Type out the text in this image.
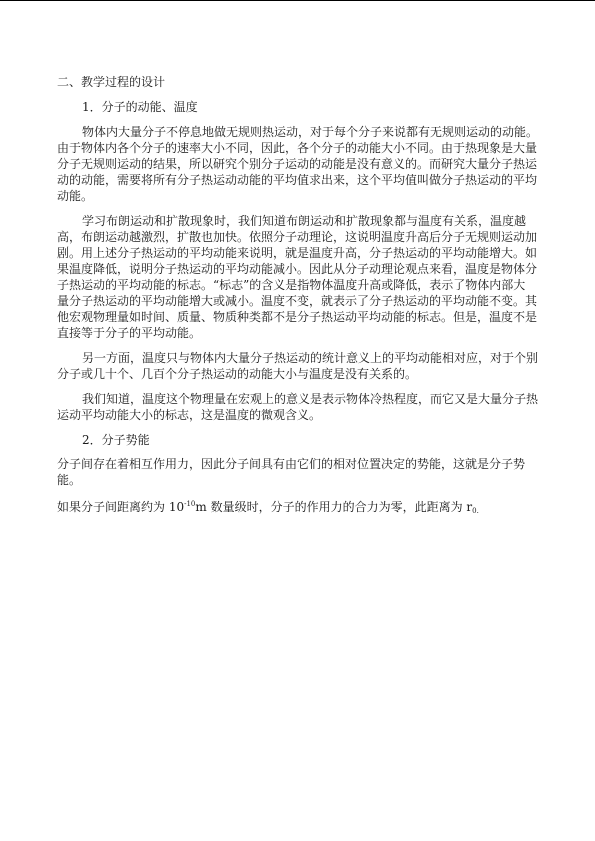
二、教学过程的设计

1．分子的动能、温度

物体内大量分子不停息地做无规则热运动，对于每个分子来说都有无规则运动的动能。

由于物体内各个分子的速率大小不同，因此，各个分子的动能大小不同。由于热现象是大量

分子无规则运动的结果，所以研究个别分子运动的动能是没有意义的。而研究大量分子热运

动的动能，需要将所有分子热运动动能的平均值求出来，这个平均值叫做分子热运动的平均

动能。

学习布朗运动和扩散现象时，我们知道布朗运动和扩散现象都与温度有关系，温度越

高，布朗运动越激烈，扩散也加快。依照分子动理论，这说明温度升高后分子无规则运动加

剧。用上述分子热运动的平均动能来说明，就是温度升高，分子热运动的平均动能增大。如

果温度降低，说明分子热运动的平均动能减小。因此从分子动理论观点来看，温度是物体分

子热运动的平均动能的标志。“标志”的含义是指物体温度升高或降低，表示了物体内部大

量分子热运动的平均动能增大或减小。温度不变，就表示了分子热运动的平均动能不变。其

他宏观物理量如时间、质量、物质种类都不是分子热运动平均动能的标志。但是，温度不是

直接等于分子的平均动能。

另一方面，温度只与物体内大量分子热运动的统计意义上的平均动能相对应，对于个别

分子或几十个、几百个分子热运动的动能大小与温度是没有关系的。

我们知道，温度这个物理量在宏观上的意义是表示物体冷热程度，而它又是大量分子热

运动平均动能大小的标志，这是温度的微观含义。

2．分子势能

分子间存在着相互作用力，因此分子间具有由它们的相对位置决定的势能，这就是分子势

能。

如果分子间距离约为 $10^{-10}m$ 数量级时，分子的作用力的合力为零，此距离为 $r_{0.}$
